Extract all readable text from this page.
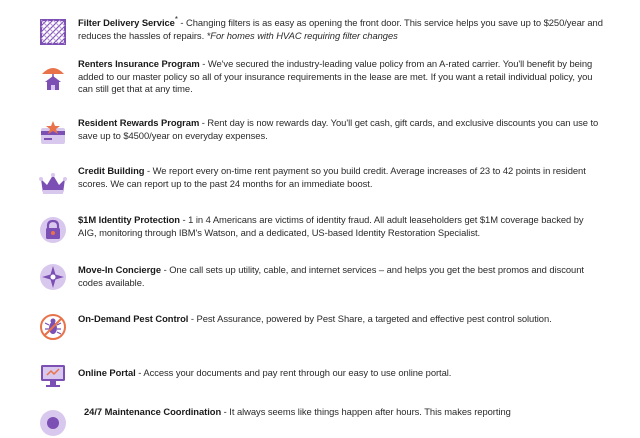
Filter Delivery Service* - Changing filters is as easy as opening the front door. This service helps you save up to $250/year and reduces the hassles of repairs. *For homes with HVAC requiring filter changes
Renters Insurance Program - We've secured the industry-leading value policy from an A-rated carrier. You'll benefit by being added to our master policy so all of your insurance requirements in the lease are met. If you want a retail individual policy, you can still get that at any time.
Resident Rewards Program - Rent day is now rewards day. You'll get cash, gift cards, and exclusive discounts you can use to save up to $4500/year on everyday expenses.
Credit Building - We report every on-time rent payment so you build credit. Average increases of 23 to 42 points in resident scores. We can report up to the past 24 months for an immediate boost.
$1M Identity Protection - 1 in 4 Americans are victims of identity fraud. All adult leaseholders get $1M coverage backed by AIG, monitoring through IBM's Watson, and a dedicated, US-based Identity Restoration Specialist.
Move-In Concierge - One call sets up utility, cable, and internet services – and helps you get the best promos and discount codes available.
On-Demand Pest Control - Pest Assurance, powered by Pest Share, a targeted and effective pest control solution.
Online Portal - Access your documents and pay rent through our easy to use online portal.
24/7 Maintenance Coordination - It always seems like things happen after hours. This makes reporting
